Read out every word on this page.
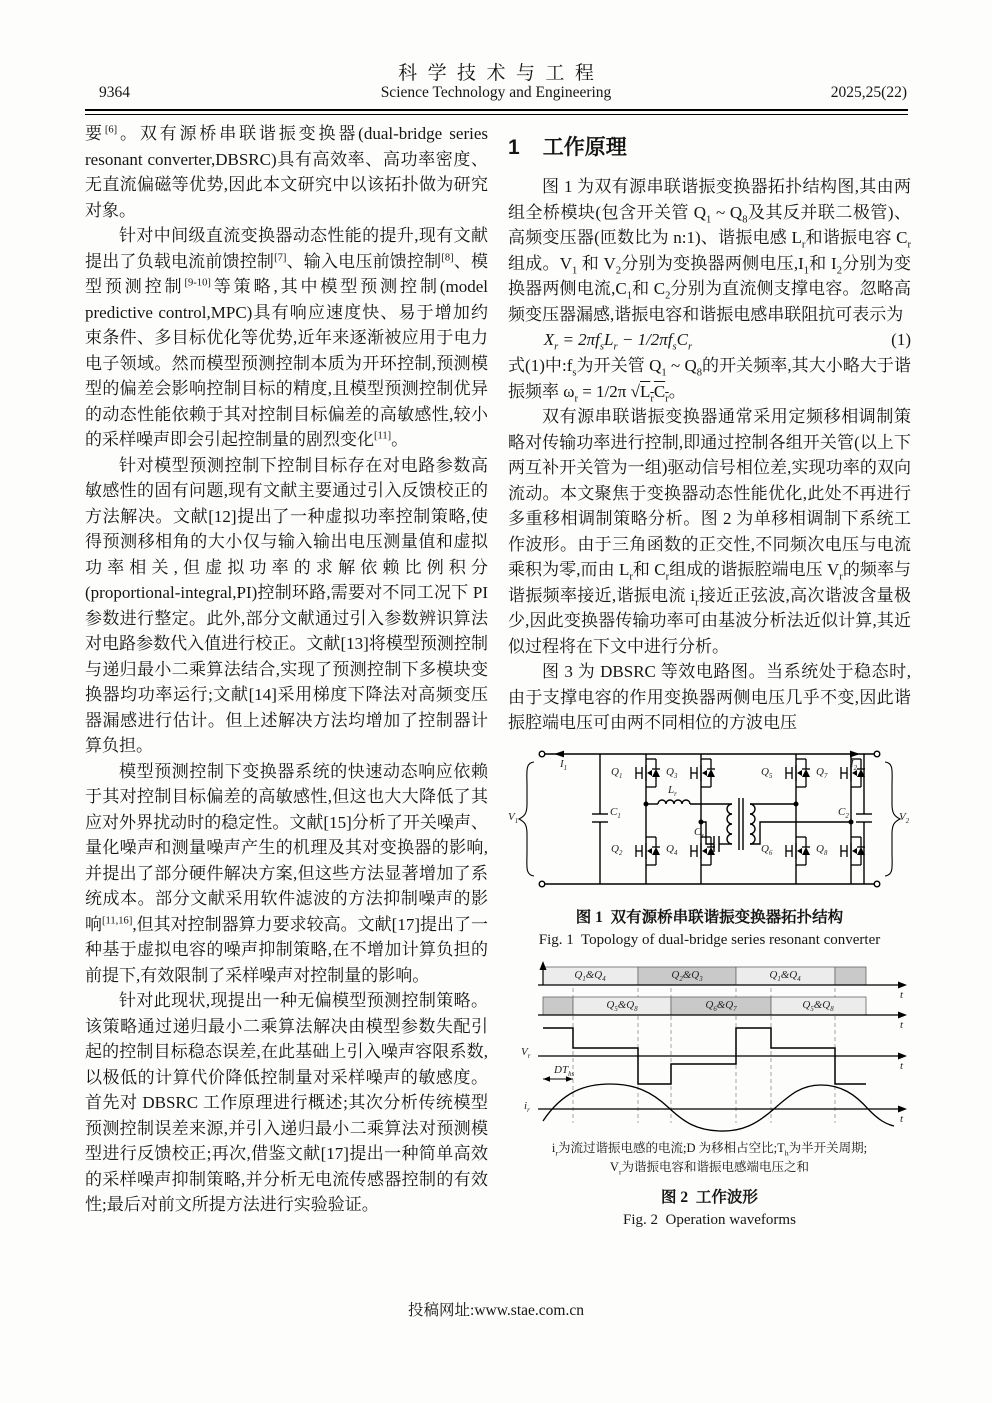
科学技术与工程
9364	Science Technology and Engineering	2025,25(22)
要[6]。双有源桥串联谐振变换器(dual-bridge series resonant converter,DBSRC)具有高效率、高功率密度、无直流偏磁等优势,因此本文研究中以该拓扑做为研究对象。
针对中间级直流变换器动态性能的提升,现有文献提出了负载电流前馈控制[7]、输入电压前馈控制[8]、模型预测控制[9-10]等策略,其中模型预测控制(model predictive control,MPC)具有响应速度快、易于增加约束条件、多目标优化等优势,近年来逐渐被应用于电力电子领域。然而模型预测控制本质为开环控制,预测模型的偏差会影响控制目标的精度,且模型预测控制优异的动态性能依赖于其对控制目标偏差的高敏感性,较小的采样噪声即会引起控制量的剧烈变化[11]。
针对模型预测控制下控制目标存在对电路参数高敏感性的固有问题,现有文献主要通过引入反馈校正的方法解决。文献[12]提出了一种虚拟功率控制策略,使得预测移相角的大小仅与输入输出电压测量值和虚拟功率相关,但虚拟功率的求解依赖比例积分(proportional-integral,PI)控制环路,需要对不同工况下 PI 参数进行整定。此外,部分文献通过引入参数辨识算法对电路参数代入值进行校正。文献[13]将模型预测控制与递归最小二乘算法结合,实现了预测控制下多模块变换器均功率运行;文献[14]采用梯度下降法对高频变压器漏感进行估计。但上述解决方法均增加了控制器计算负担。
模型预测控制下变换器系统的快速动态响应依赖于其对控制目标偏差的高敏感性,但这也大大降低了其应对外界扰动时的稳定性。文献[15]分析了开关噪声、量化噪声和测量噪声产生的机理及其对变换器的影响,并提出了部分硬件解决方案,但这些方法显著增加了系统成本。部分文献采用软件滤波的方法抑制噪声的影响[11,16],但其对控制器算力要求较高。文献[17]提出了一种基于虚拟电容的噪声抑制策略,在不增加计算负担的前提下,有效限制了采样噪声对控制量的影响。
针对此现状,现提出一种无偏模型预测控制策略。该策略通过递归最小二乘算法解决由模型参数失配引起的控制目标稳态误差,在此基础上引入噪声容限系数,以极低的计算代价降低控制量对采样噪声的敏感度。首先对 DBSRC 工作原理进行概述;其次分析传统模型预测控制误差来源,并引入递归最小二乘算法对预测模型进行反馈校正;再次,借鉴文献[17]提出一种简单高效的采样噪声抑制策略,并分析无电流传感器控制的有效性;最后对前文所提方法进行实验验证。
1 工作原理
图 1 为双有源串联谐振变换器拓扑结构图,其由两组全桥模块(包含开关管 $Q_1$ ~ $Q_8$及其反并联二极管)、高频变压器(匝数比为 n:1)、谐振电感 $L_r$和谐振电容 $C_r$组成。$V_1$ 和 $V_2$分别为变换器两侧电压$,I_1$和 $I_2$分别为变换器两侧电流$,C_1$和 $C_2$分别为直流侧支撑电容。忽略高频变压器漏感,谐振电容和谐振电感串联阻抗可表示为
$X_r = 2\pi f_sL_r - 1/2\pi f_sC_r$	(1)
式(1)中$:f_s$为开关管 $Q_1$ ~ $Q_8$的开关频率,其大小略大于谐振频率 $\omega_r = 1/2\pi$ $√L_rC_r$。
双有源串联谐振变换器通常采用定频移相调制策略对传输功率进行控制,即通过控制各组开关管(以上下两互补开关管为一组)驱动信号相位差,实现功率的双向流动。本文聚焦于变换器动态性能优化,此处不再进行多重移相调制策略分析。图 2 为单移相调制下系统工作波形。由于三角函数的正交性,不同频次电压与电流乘积为零,而由 $L_r$和 $C_r$组成的谐振腔端电压 $V_r$的频率与谐振频率接近,谐振电流 $i_r$接近正弦波,高次谐波含量极少,因此变换器传输功率可由基波分析法近似计算,其近似过程将在下文中进行分析。
图 3 为 DBSRC 等效电路图。当系统处于稳态时,由于支撑电容的作用变换器两侧电压几乎不变,因此谐振腔端电压可由两不同相位的方波电压
$V_1$
$I_1$
$C_1$
$Q_1$	$Q_3$
$Q_2$	$Q_4$
$L_r$
$C_r$
$Q_5$	$Q_7$
$Q_6$	$Q_8$
$C_2$
$I_2$
$V_2$
图 1  双有源桥串联谐振变换器拓扑结构
Fig. 1  Topology of dual-bridge series resonant converter
$Q_1\&Q_4$	$Q_2\&Q_3$	$Q_1\&Q_4$
$Q_5\&Q_8$	$Q_6\&Q_7$	$Q_5\&Q_8$
$V_r$
$DT_{hs}$
$i_r$
t
t
t
t
$i_r$为流过谐振电感的电流;D 为移相占空比$;T_h$为半开关周期;
$V_r$为谐振电容和谐振电感端电压之和
图 2  工作波形
Fig. 2  Operation waveforms
投稿网址:www.stae.com.cn
